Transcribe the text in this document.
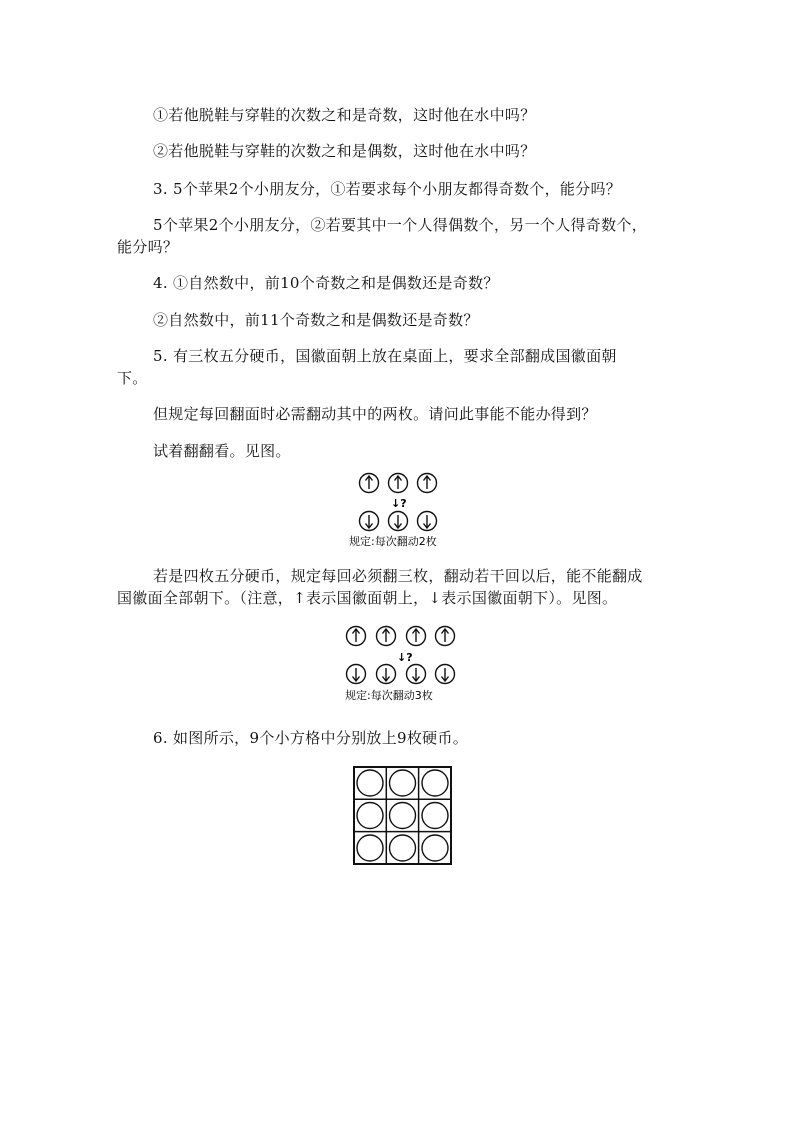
①若他脱鞋与穿鞋的次数之和是奇数，这时他在水中吗？
②若他脱鞋与穿鞋的次数之和是偶数，这时他在水中吗？
3. 5个苹果2个小朋友分，①若要求每个小朋友都得奇数个，能分吗？
5个苹果2个小朋友分，②若要其中一个人得偶数个，另一个人得奇数个，
能分吗？
4. ①自然数中，前10个奇数之和是偶数还是奇数？
②自然数中，前11个奇数之和是偶数还是奇数？
5. 有三枚五分硬币，国徽面朝上放在桌面上，要求全部翻成国徽面朝
下。
但规定每回翻面时必需翻动其中的两枚。请问此事能不能办得到？
试着翻翻看。见图。
↓?
规定:每次翻动2枚
若是四枚五分硬币，规定每回必须翻三枚，翻动若干回以后，能不能翻成
国徽面全部朝下。（注意，↑表示国徽面朝上，↓表示国徽面朝下）。见图。
↓?
规定:每次翻动3枚
6. 如图所示，9个小方格中分别放上9枚硬币。
